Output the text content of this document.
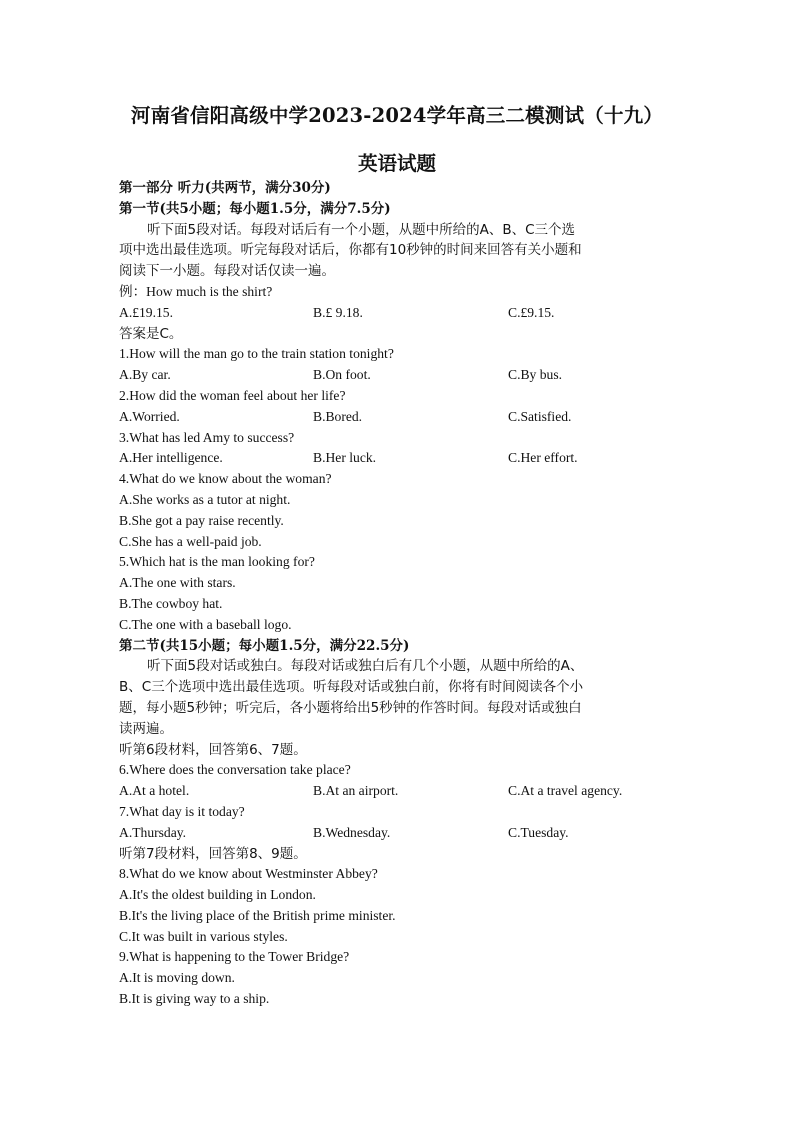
河南省信阳高级中学2023-2024学年高三二模测试（十九）
英语试题
第一部分 听力(共两节，满分30分)
第一节(共5小题；每小题1.5分，满分7.5分)
听下面5段对话。每段对话后有一个小题，从题中所给的A、B、C三个选
项中选出最佳选项。听完每段对话后，你都有10秒钟的时间来回答有关小题和
阅读下一小题。每段对话仅读一遍。
例：How much is the shirt?
A.£19.15.	B.£ 9.18.	C.£9.15.
答案是C。
1.How will the man go to the train station tonight?
A.By car.	B.On foot.	C.By bus.
2.How did the woman feel about her life?
A.Worried.	B.Bored.	C.Satisfied.
3.What has led Amy to success?
A.Her intelligence.	B.Her luck.	C.Her effort.
4.What do we know about the woman?
A.She works as a tutor at night.
B.She got a pay raise recently.
C.She has a well-paid job.
5.Which hat is the man looking for?
A.The one with stars.
B.The cowboy hat.
C.The one with a baseball logo.
第二节(共15小题；每小题1.5分，满分22.5分)
听下面5段对话或独白。每段对话或独白后有几个小题，从题中所给的A、
B、C三个选项中选出最佳选项。听每段对话或独白前，你将有时间阅读各个小
题，每小题5秒钟；听完后，各小题将给出5秒钟的作答时间。每段对话或独白
读两遍。
听第6段材料，回答第6、7题。
6.Where does the conversation take place?
A.At a hotel.	B.At an airport.	C.At a travel agency.
7.What day is it today?
A.Thursday.	B.Wednesday.	C.Tuesday.
听第7段材料，回答第8、9题。
8.What do we know about Westminster Abbey?
A.It's the oldest building in London.
B.It's the living place of the British prime minister.
C.It was built in various styles.
9.What is happening to the Tower Bridge?
A.It is moving down.
B.It is giving way to a ship.
